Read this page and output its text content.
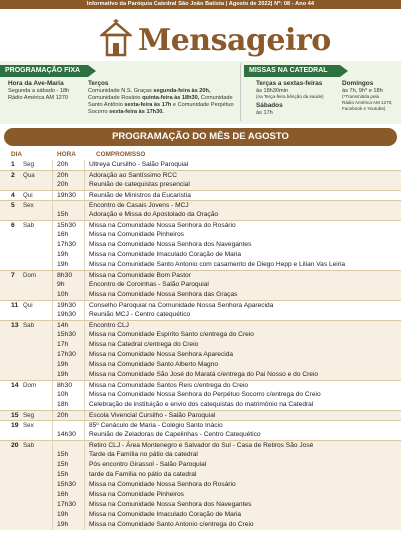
Informativo da Paróquia Catedral São João Batista | Agosto de 2022| Nº: 08 - Ano 44
Mensageiro
PROGRAMAÇÃO FIXA	MISSAS NA CATEDRAL
Hora da Ave-Maria
Segunda a sábado - 18h
Rádio América AM 1270
Terços
Comunidade N.S. Graças segunda-feira às 20h,
Comunidade Rosário quinta-feira às 18h30, Comunidade
Santo Antônio sexta-feira às 17h e Comunidade Perpétuo
Socorro sexta-feira às 17h30.
Terças a sextas-feiras
às 18h30min
(na Terça-feira bênção da saúde)
Sábados
às 17h
Domingos
às 7h, 9h* e 18h
(*Transmitida pela
Rádio América AM 1270,
Facebook e Youtube)
PROGRAMAÇÃO DO MÊS DE AGOSTO
DIA	HORA	COMPROMISSO
1 Seg	20h	Ultreya Cursilho - Salão Paroquial
2 Qua	20h	Adoração ao Santíssimo RCC
20h	Reunião de catequistas presencial
4 Qui	19h30 Reunião de Ministros da Eucaristia
5 Sex	Encontro de Casais Jovens - MCJ
15h	Adoração e Missa do Apostolado da Oração
6 Sab	15h30 Missa na Comunidade Nossa Senhora do Rosário
16h	Missa na Comunidade Pinheiros
17h30 Missa na Comunidade Nossa Senhora dos Navegantes
19h	Missa na Comunidade Imaculado Coração de Maria
19h	Missa na Comunidade Santo Antonio com casamento de Diego Hepp e Lilian Vas Leiria
7 Dom	8h30	Missa na Comunidade Bom Pastor
9h	Encontro de Coroinhas - Salão Paroquial
10h	Missa na Comunidade Nossa Senhora das Graças
11 Qui	19h30 Conselho Paroquial na Comunidade Nossa Senhora Aparecida
19h30 Reunião MCJ - Centro catequético
13 Sab	14h	Encontro CLJ
15h30 Missa na Comunidade Espírito Santo c/entrega do Creio
17h	Missa na Catedral c/entrega do Creio
17h30 Missa na Comunidade Nossa Senhora Aparecida
19h	Missa na Comunidade Santo Alberto Magno
19h	Missa na Comunidade São José do Maratá c/entrega do Pai Nosso e do Creio
14 Dom	8h30	Missa na Comunidade Santos Reis c/entrega do Creio
10h	Missa na Comunidade Nossa Senhora do Perpétuo Socorro c/entrega do Creio
18h	Celebração de instituição e envio dos catequistas do matrimônio na Catedral
15 Seg	20h	Escola Vivencial Cursilho - Salão Paroquial
19 Sex	85º Cenáculo de Maria - Colégio Santo Inácio
14h30 Reunião de Zeladoras de Capelinhas - Centro Catequético
20 Sab	Retiro CLJ - Área Montenegro e Salvador do Sul - Casa de Retiros São José
15h	Tarde da Família no pátio da catedral
15h	Pós encontro Girassol - Salão Paroquial
15h	tarde da Família no pátio da catedral
15h30 Missa na Comunidade Nossa Senhora do Rosário
16h	Missa na Comunidade Pinheiros
17h30 Missa na Comunidade Nossa Senhora dos Navegantes
19h	Missa na Comunidade Imaculado Coração de Maria
19h	Missa na Comunidade Santo Antonio c/entrega do Creio
